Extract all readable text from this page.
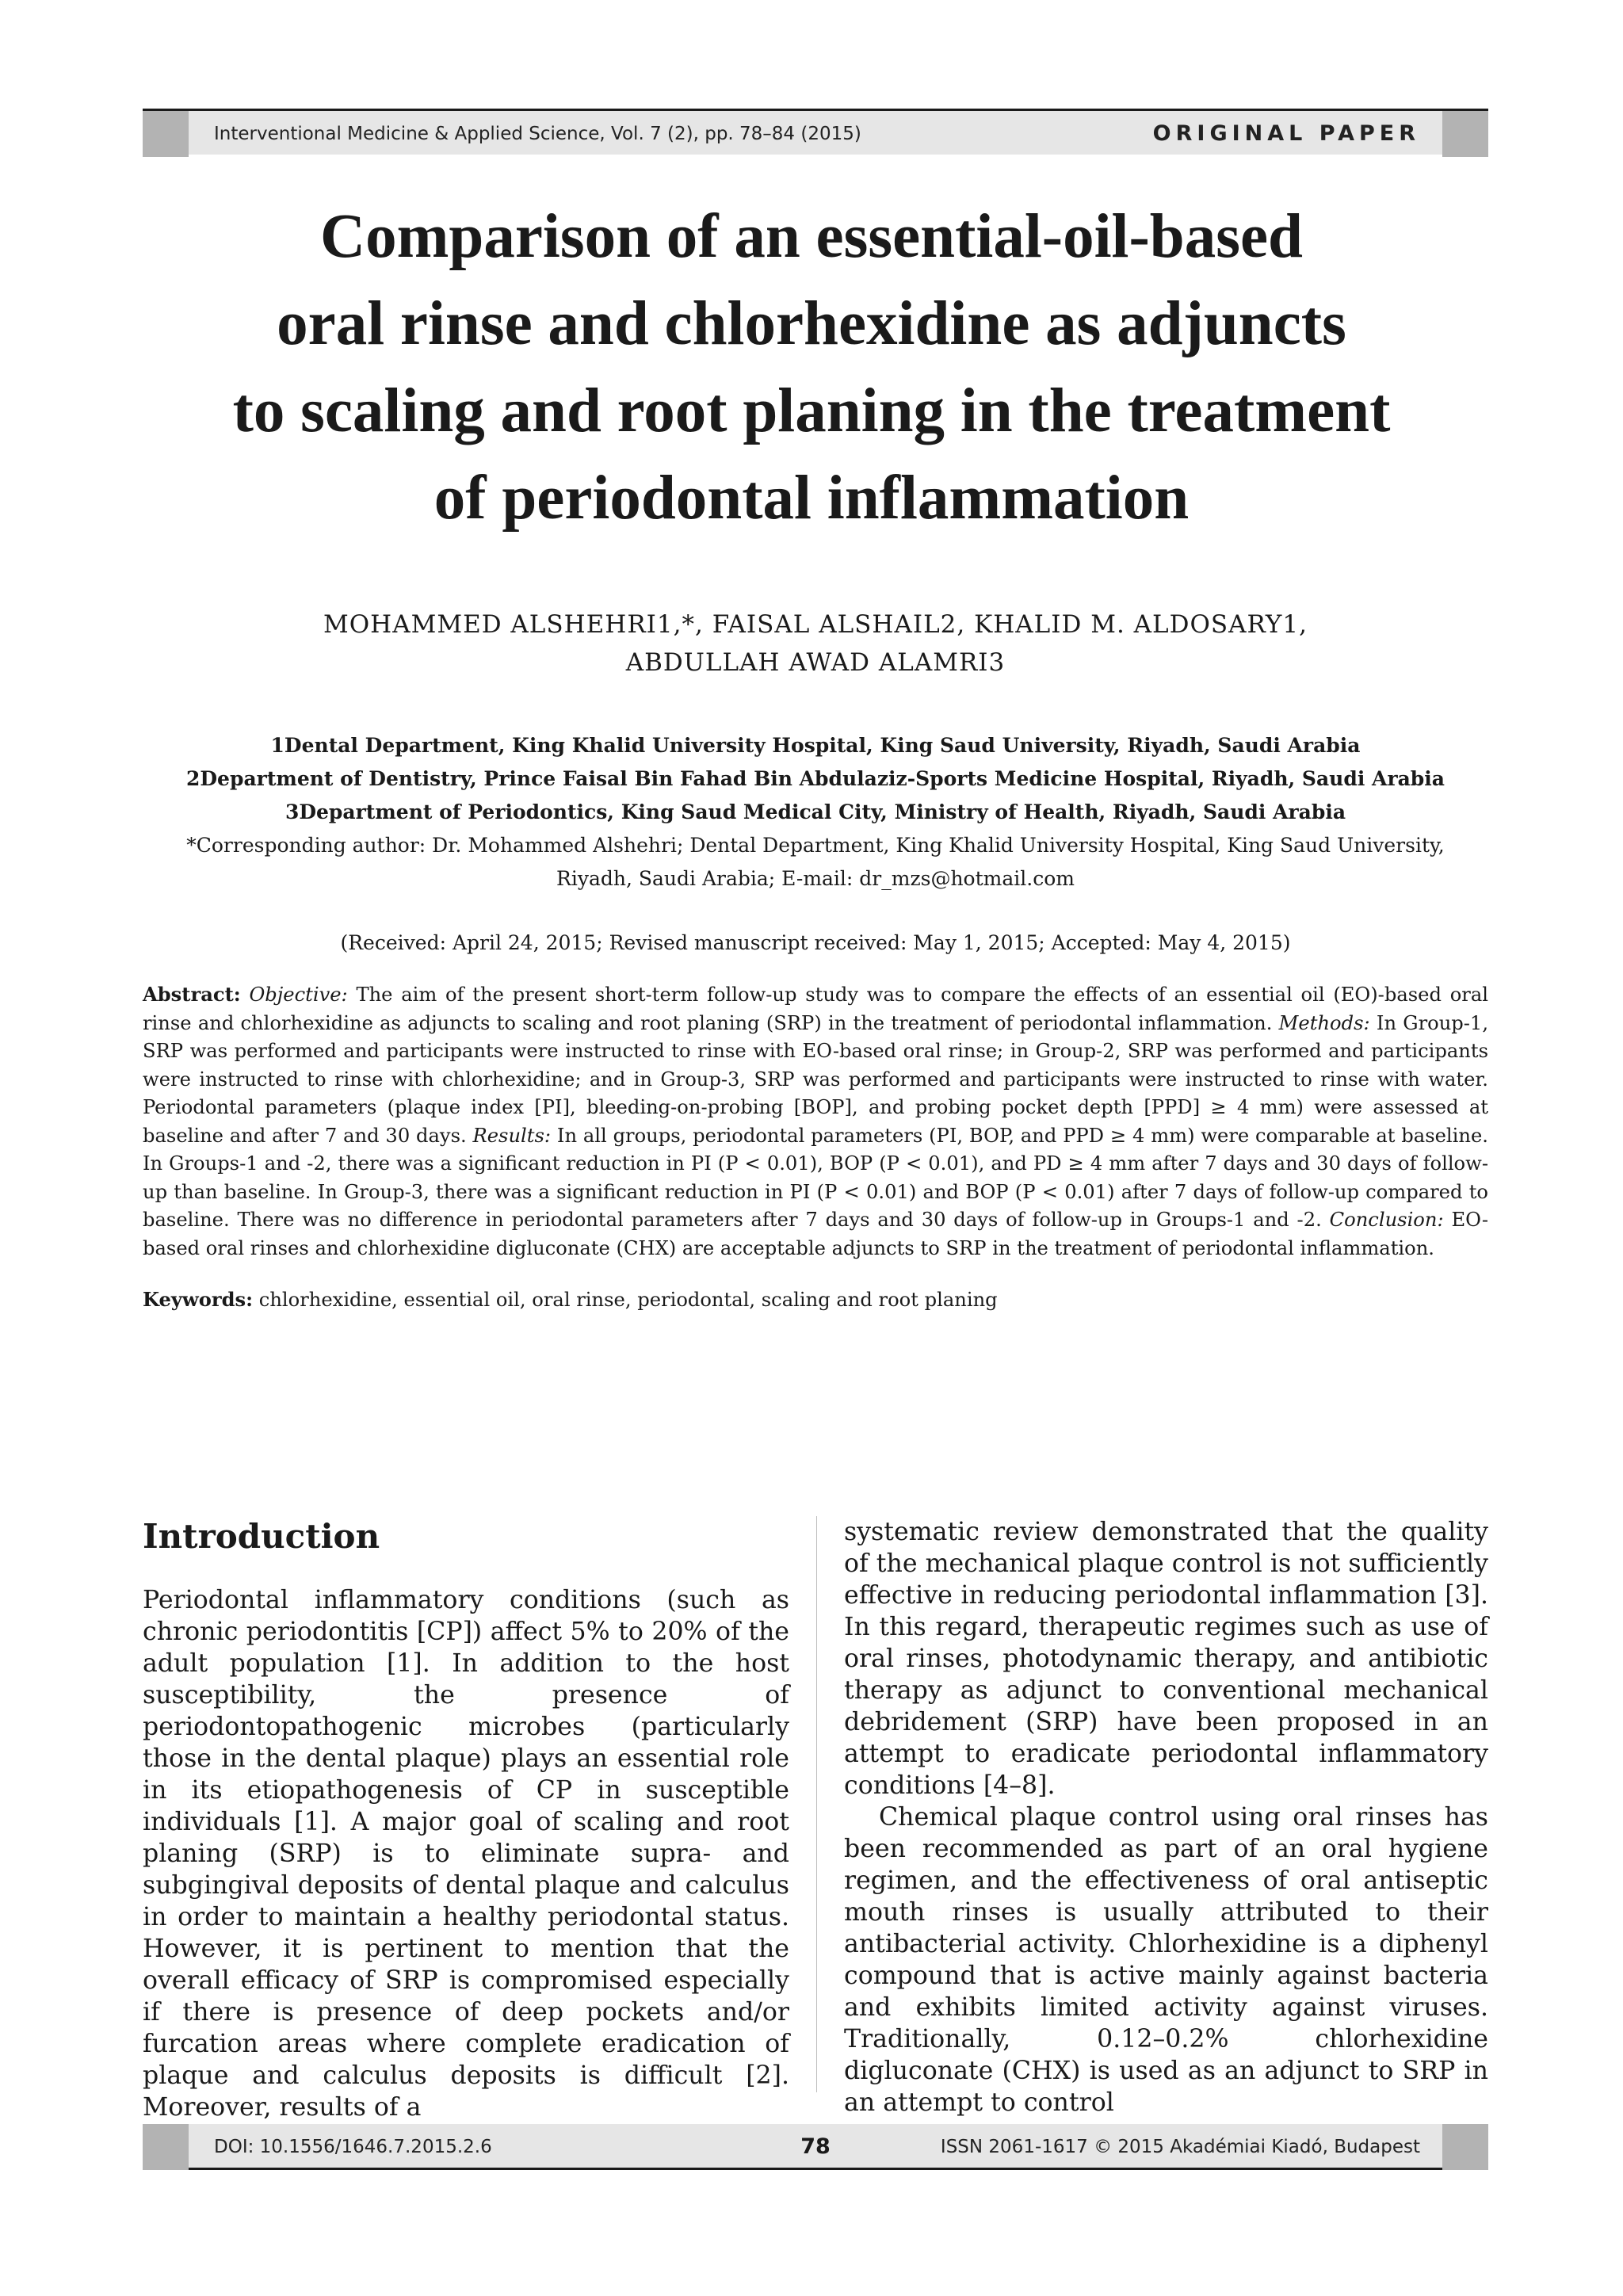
Interventional Medicine & Applied Science, Vol. 7 (2), pp. 78–84 (2015)	ORIGINAL PAPER
Comparison of an essential-oil-based
oral rinse and chlorhexidine as adjuncts
to scaling and root planing in the treatment
of periodontal inflammation
MOHAMMED ALSHEHRI1,*, FAISAL ALSHAIL2, KHALID M. ALDOSARY1,
ABDULLAH AWAD ALAMRI3
1Dental Department, King Khalid University Hospital, King Saud University, Riyadh, Saudi Arabia
2Department of Dentistry, Prince Faisal Bin Fahad Bin Abdulaziz-Sports Medicine Hospital, Riyadh, Saudi Arabia
3Department of Periodontics, King Saud Medical City, Ministry of Health, Riyadh, Saudi Arabia
*Corresponding author: Dr. Mohammed Alshehri; Dental Department, King Khalid University Hospital, King Saud University,
Riyadh, Saudi Arabia; E-mail: dr_mzs@hotmail.com
(Received: April 24, 2015; Revised manuscript received: May 1, 2015; Accepted: May 4, 2015)
Abstract: Objective: The aim of the present short-term follow-up study was to compare the effects of an essential oil (EO)-based oral rinse and chlorhexidine as adjuncts to scaling and root planing (SRP) in the treatment of periodontal inflammation. Methods: In Group-1, SRP was performed and participants were instructed to rinse with EO-based oral rinse; in Group-2, SRP was performed and participants were instructed to rinse with chlorhexidine; and in Group-3, SRP was performed and participants were instructed to rinse with water. Periodontal parameters (plaque index [PI], bleeding-on-probing [BOP], and probing pocket depth [PPD] ≥ 4 mm) were assessed at baseline and after 7 and 30 days. Results: In all groups, periodontal parameters (PI, BOP, and PPD ≥ 4 mm) were comparable at baseline. In Groups-1 and -2, there was a significant reduction in PI (P < 0.01), BOP (P < 0.01), and PD ≥ 4 mm after 7 days and 30 days of follow-up than baseline. In Group-3, there was a significant reduction in PI (P < 0.01) and BOP (P < 0.01) after 7 days of follow-up compared to baseline. There was no difference in periodontal parameters after 7 days and 30 days of follow-up in Groups-1 and -2. Conclusion: EO-based oral rinses and chlorhexidine digluconate (CHX) are acceptable adjuncts to SRP in the treatment of periodontal inflammation.
Keywords: chlorhexidine, essential oil, oral rinse, periodontal, scaling and root planing
Introduction

Periodontal inflammatory conditions (such as chronic periodontitis [CP]) affect 5% to 20% of the adult population [1]. In addition to the host susceptibility, the presence of periodontopathogenic microbes (particularly those in the dental plaque) plays an essential role in its etiopathogenesis of CP in susceptible individuals [1]. A major goal of scaling and root planing (SRP) is to eliminate supra- and subgingival deposits of dental plaque and calculus in order to maintain a healthy periodontal status. However, it is pertinent to mention that the overall efficacy of SRP is compromised especially if there is presence of deep pockets and/or furcation areas where complete eradication of plaque and calculus deposits is difficult [2]. Moreover, results of a

systematic review demonstrated that the quality of the mechanical plaque control is not sufficiently effective in reducing periodontal inflammation [3]. In this regard, therapeutic regimes such as use of oral rinses, photodynamic therapy, and antibiotic therapy as adjunct to conventional mechanical debridement (SRP) have been proposed in an attempt to eradicate periodontal inflammatory conditions [4–8].

Chemical plaque control using oral rinses has been recommended as part of an oral hygiene regimen, and the effectiveness of oral antiseptic mouth rinses is usually attributed to their antibacterial activity. Chlorhexidine is a diphenyl compound that is active mainly against bacteria and exhibits limited activity against viruses. Traditionally, 0.12–0.2% chlorhexidine digluconate (CHX) is used as an adjunct to SRP in an attempt to control

DOI: 10.1556/1646.7.2015.2.6	78	ISSN 2061-1617 © 2015 Akadémiai Kiadó, Budapest
